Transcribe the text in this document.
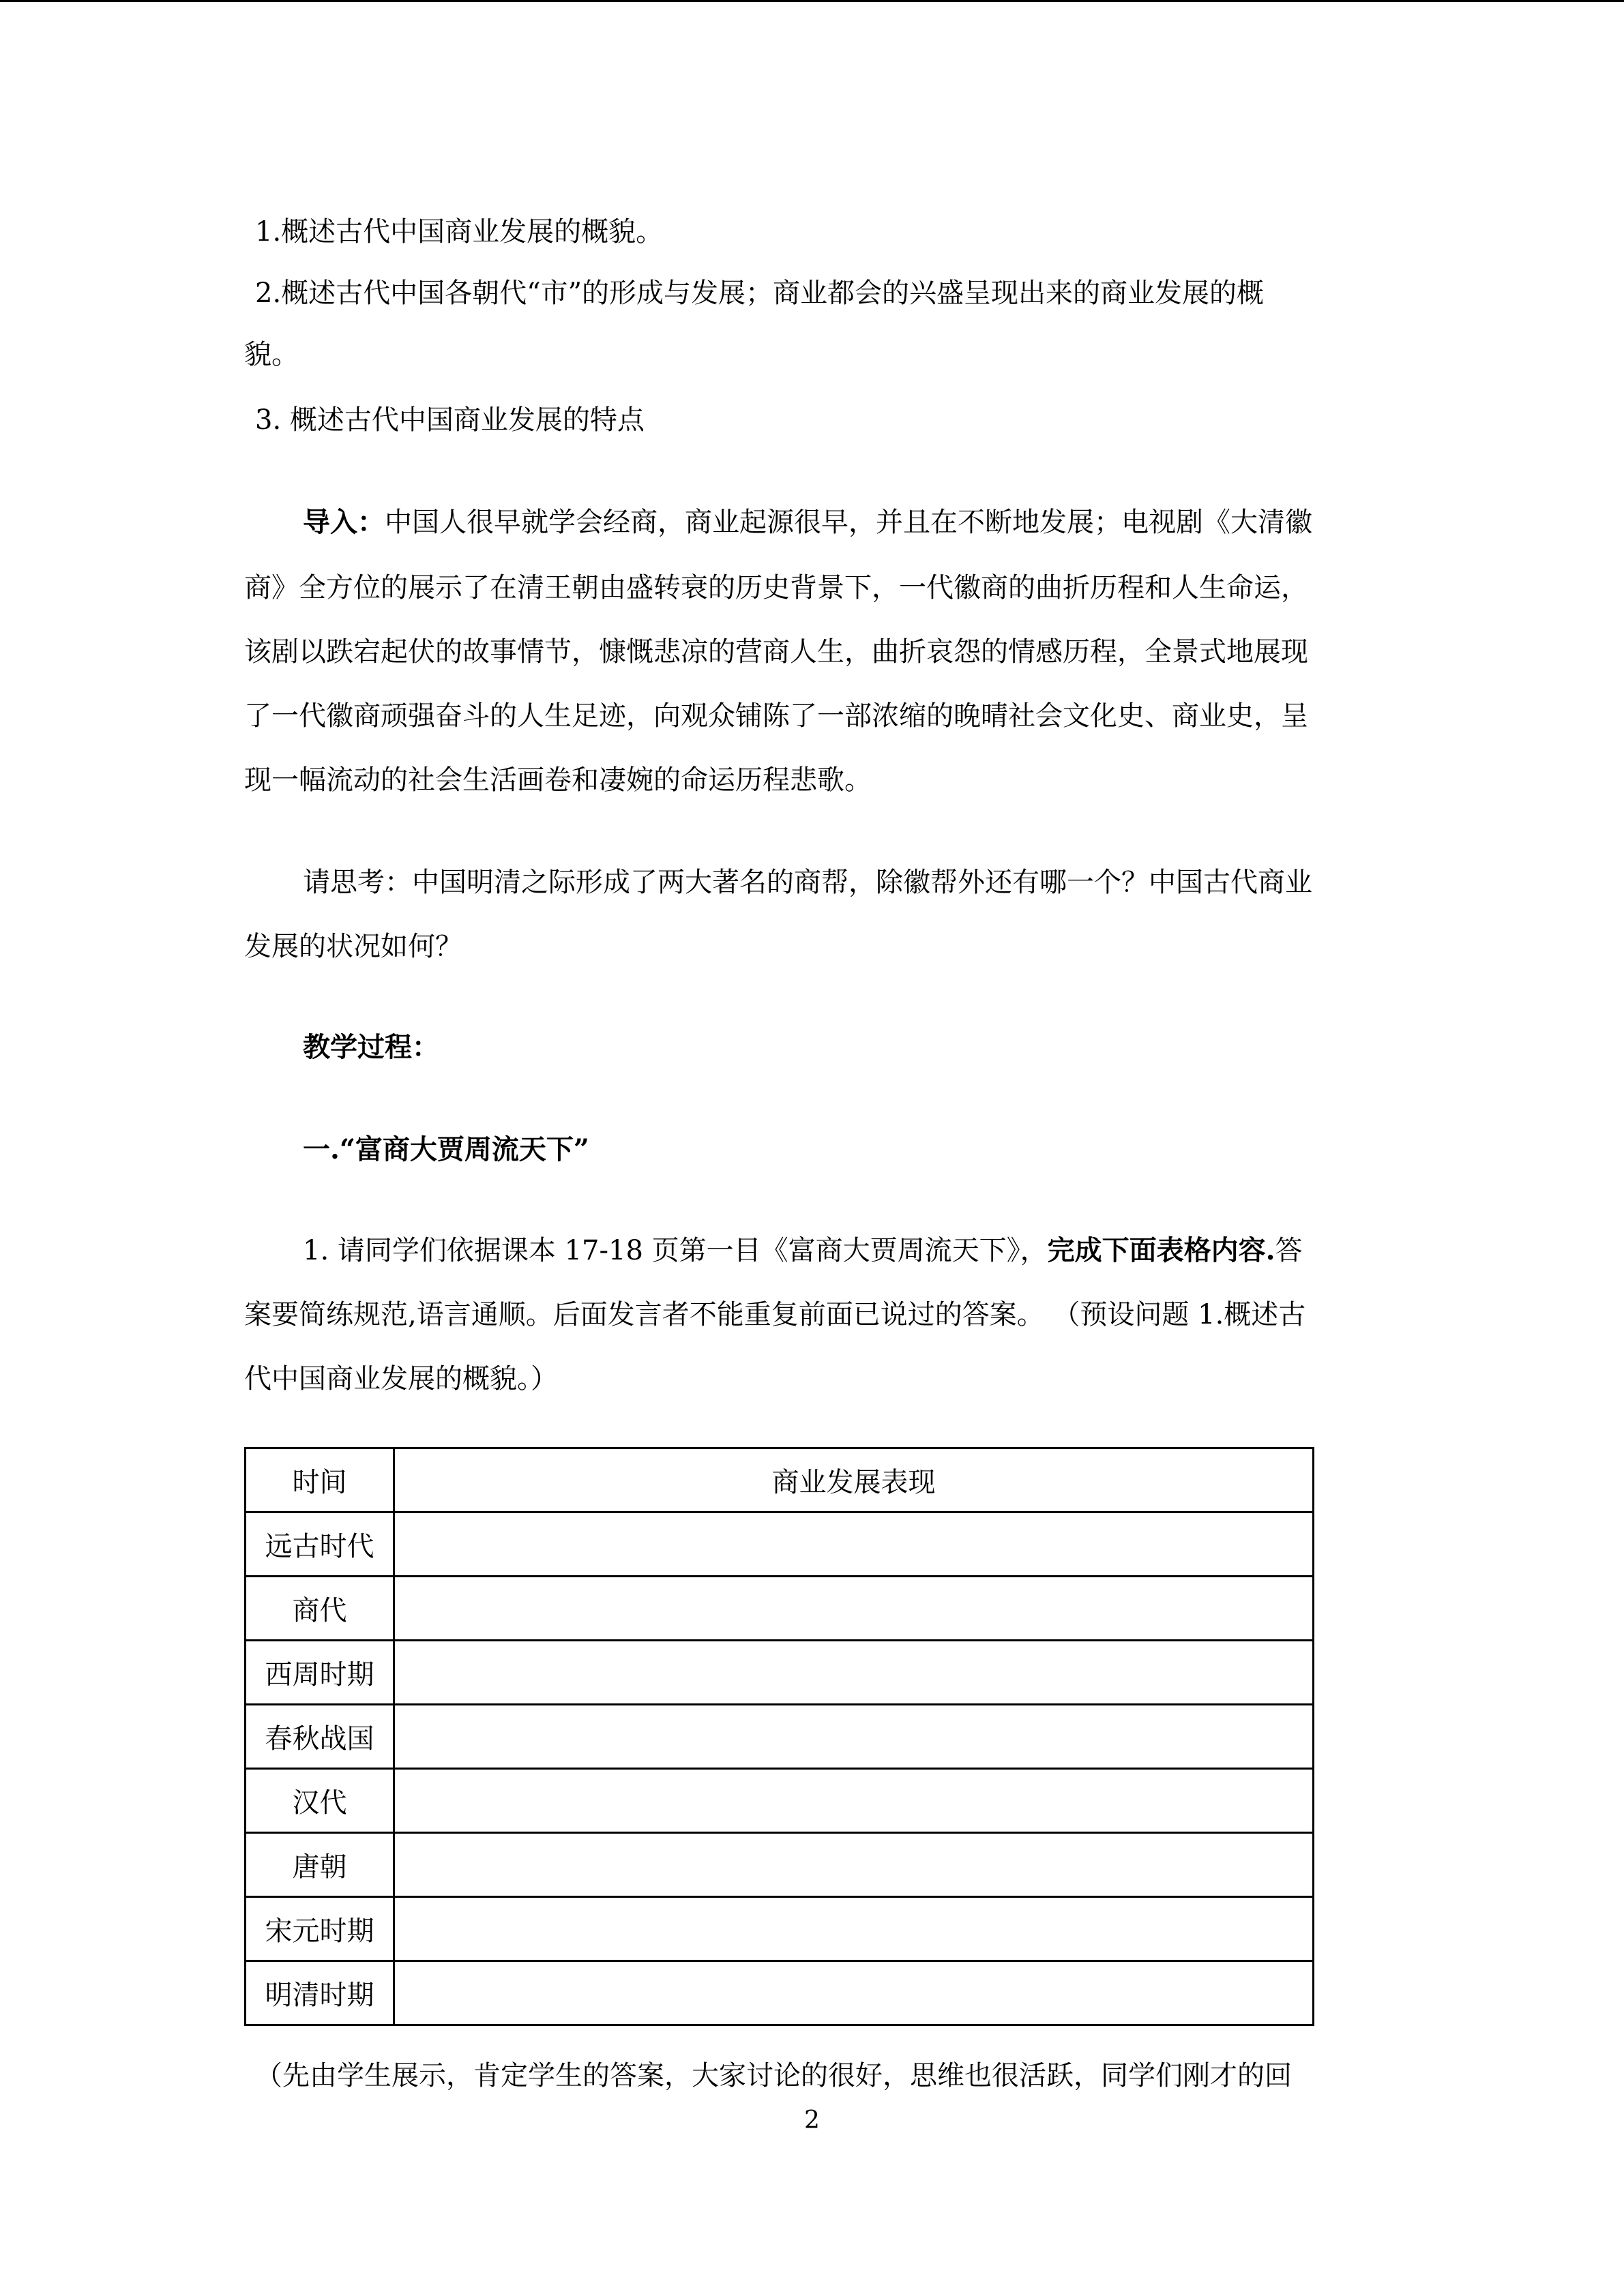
1.概述古代中国商业发展的概貌。
2.概述古代中国各朝代“市”的形成与发展；商业都会的兴盛呈现出来的商业发展的概
貌。
3. 概述古代中国商业发展的特点
导入：中国人很早就学会经商，商业起源很早，并且在不断地发展；电视剧《大清徽
商》全方位的展示了在清王朝由盛转衰的历史背景下，一代徽商的曲折历程和人生命运，
该剧以跌宕起伏的故事情节，慷慨悲凉的营商人生，曲折哀怨的情感历程，全景式地展现
了一代徽商顽强奋斗的人生足迹，向观众铺陈了一部浓缩的晚晴社会文化史、商业史，呈
现一幅流动的社会生活画卷和凄婉的命运历程悲歌。
请思考：中国明清之际形成了两大著名的商帮，除徽帮外还有哪一个？中国古代商业
发展的状况如何？
教学过程：
一.“富商大贾周流天下”
1. 请同学们依据课本 17-18 页第一目《富商大贾周流天下》，完成下面表格内容.答
案要简练规范,语言通顺。后面发言者不能重复前面已说过的答案。 （预设问题 1.概述古
代中国商业发展的概貌。）
时间	商业发展表现
远古时代	
商代	
西周时期	
春秋战国	
汉代	
唐朝	
宋元时期	
明清时期	
（先由学生展示，肯定学生的答案，大家讨论的很好，思维也很活跃，同学们刚才的回
2
